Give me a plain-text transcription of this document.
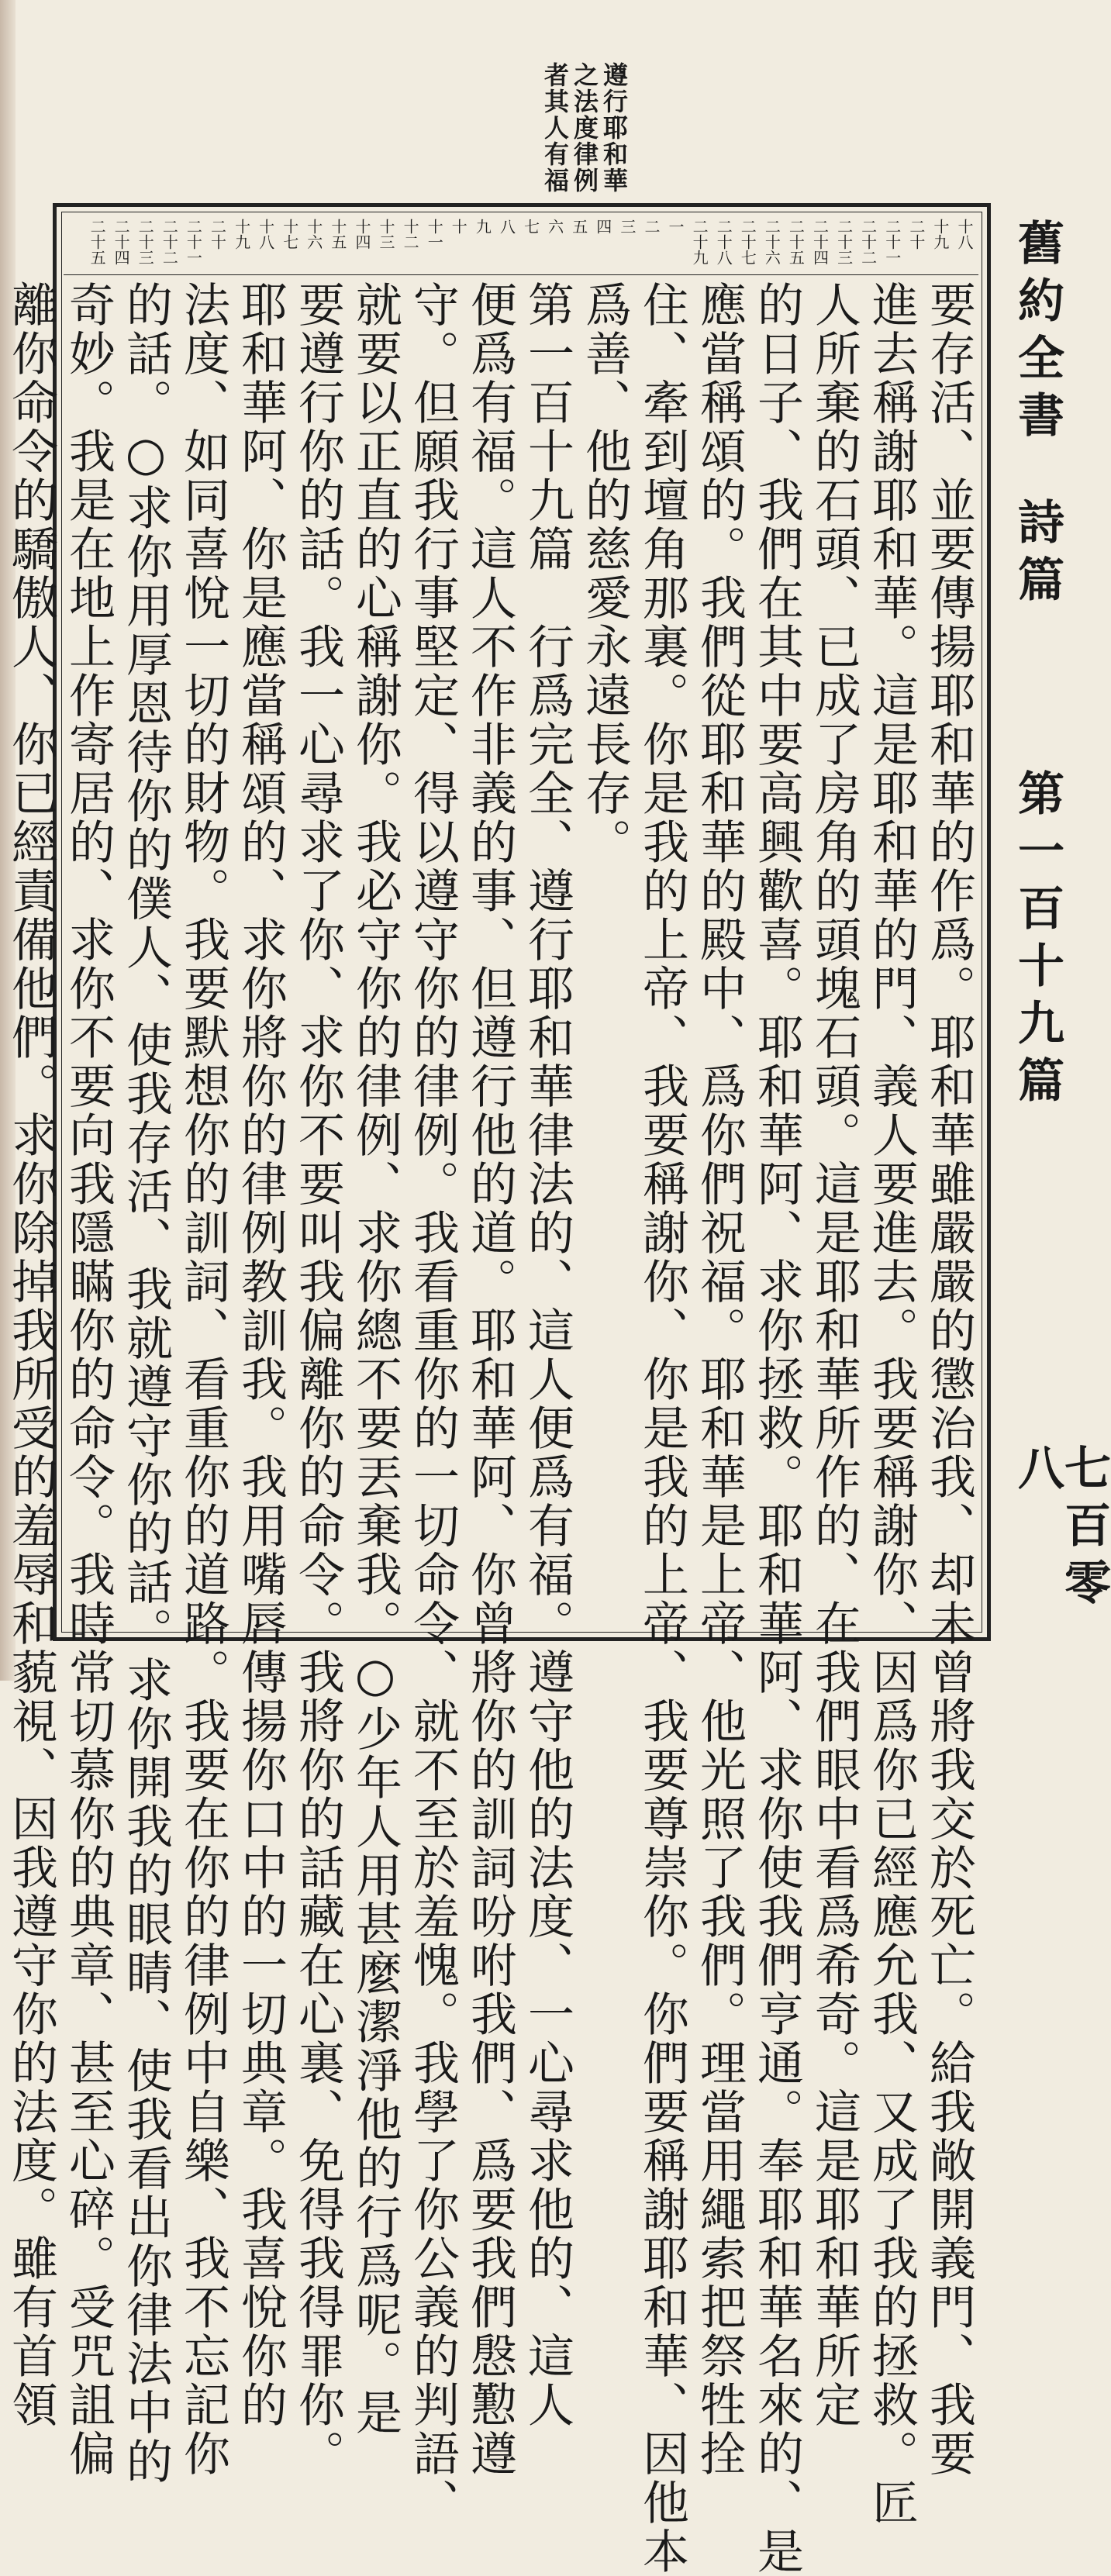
遵行耶和華
之法度律例
者其人有福
十八
十九
二十
二十一
二十二
二十三
二十四
二十五
二十六
二十七
二十八
二十九
一
二
三
四
五
六
七
八
九
十
十一
十二
十三
十四
十五
十六
十七
十八
十九
二十
二十一
二十二
二十三
二十四
二十五
要存活、並要傳揚耶和華的作爲。耶和華雖嚴嚴的懲治我、却未曾將我交於死亡。給我敞開義門、我要
進去稱謝耶和華。這是耶和華的門、義人要進去。我要稱謝你、因爲你已經應允我、又成了我的拯救。匠
人所棄的石頭、已成了房角的頭塊石頭。這是耶和華所作的、在我們眼中看爲希奇。這是耶和華所定
的日子、我們在其中要高興歡喜。耶和華阿、求你拯救。耶和華阿、求你使我們亨通。奉耶和華名來的、是
應當稱頌的。我們從耶和華的殿中、爲你們祝福。耶和華是上帝、他光照了我們。理當用繩索把祭牲拴
住、牽到壇角那裏。你是我的上帝、我要稱謝你、你是我的上帝、我要尊崇你。你們要稱謝耶和華、因他本
爲善、他的慈愛永遠長存。
第一百十九篇　行爲完全、遵行耶和華律法的、這人便爲有福。遵守他的法度、一心尋求他的、這人
便爲有福。這人不作非義的事、但遵行他的道。耶和華阿、你曾將你的訓詞吩咐我們、爲要我們慇懃遵
守。但願我行事堅定、得以遵守你的律例。我看重你的一切命令、就不至於羞愧。我學了你公義的判語、
就要以正直的心稱謝你。我必守你的律例、求你總不要丟棄我。○少年人用甚麼潔淨他的行爲呢。是
要遵行你的話。我一心尋求了你、求你不要叫我偏離你的命令。我將你的話藏在心裏、免得我得罪你。
耶和華阿、你是應當稱頌的、求你將你的律例教訓我。我用嘴唇傳揚你口中的一切典章。我喜悅你的
法度、如同喜悅一切的財物。我要默想你的訓詞、看重你的道路。我要在你的律例中自樂、我不忘記你
的話。○求你用厚恩待你的僕人、使我存活、我就遵守你的話。求你開我的眼睛、使我看出你律法中的
奇妙。我是在地上作寄居的、求你不要向我隱瞞你的命令。我時常切慕你的典章、甚至心碎。受咒詛偏
離你命令的驕傲人、你已經責備他們。求你除掉我所受的羞辱和藐視、因我遵守你的法度。雖有首領	舊約全書
詩篇
第一百十九篇
七百零八
